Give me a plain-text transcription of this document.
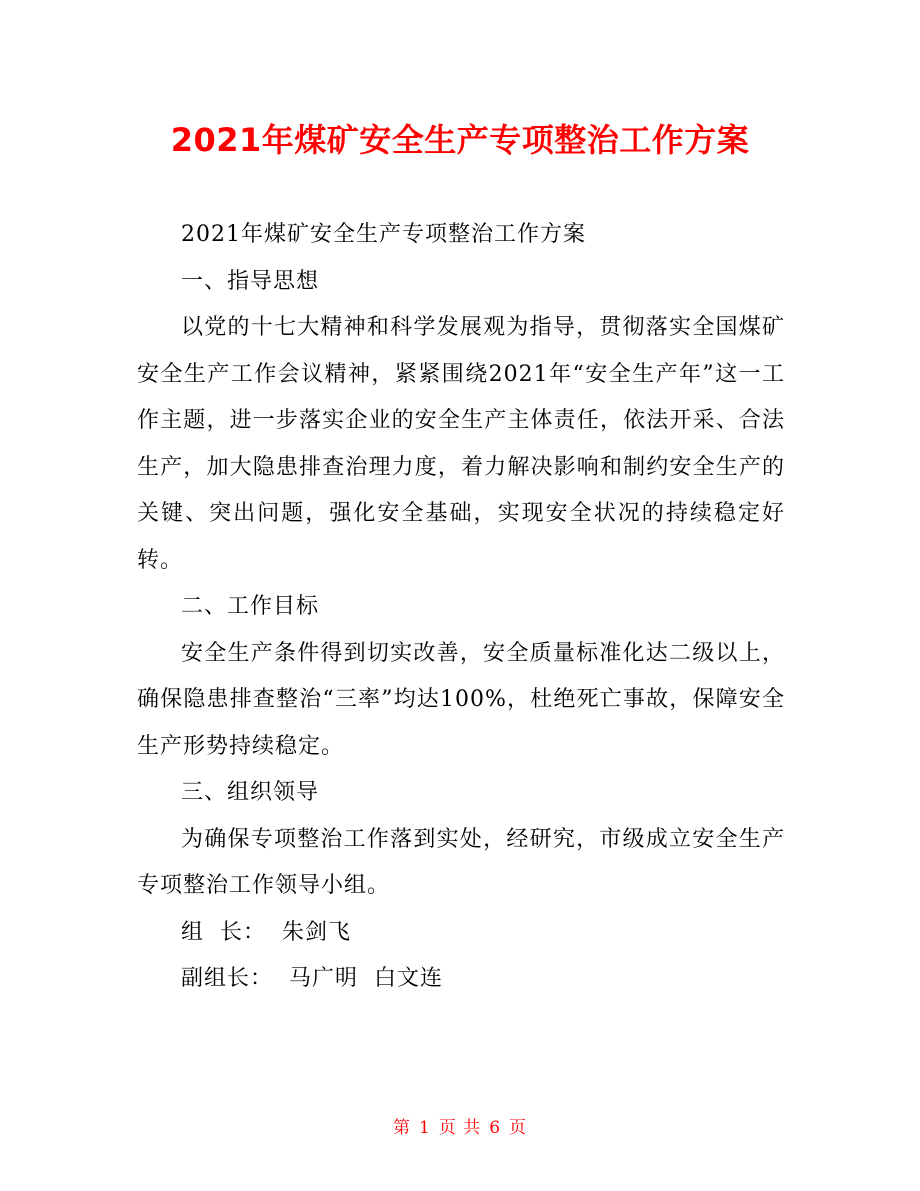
2021年煤矿安全生产专项整治工作方案

2021年煤矿安全生产专项整治工作方案

一、指导思想

以党的十七大精神和科学发展观为指导，贯彻落实全国煤矿安全生产工作会议精神，紧紧围绕2021年“安全生产年”这一工作主题，进一步落实企业的安全生产主体责任，依法开采、合法生产，加大隐患排查治理力度，着力解决影响和制约安全生产的关键、突出问题，强化安全基础，实现安全状况的持续稳定好转。

二、工作目标

安全生产条件得到切实改善，安全质量标准化达二级以上，确保隐患排查整治“三率”均达100%，杜绝死亡事故，保障安全生产形势持续稳定。

三、组织领导

为确保专项整治工作落到实处，经研究，市级成立安全生产专项整治工作领导小组。

组  长：  朱剑飞

副组长：  马广明  白文连

第 1 页 共 6 页
